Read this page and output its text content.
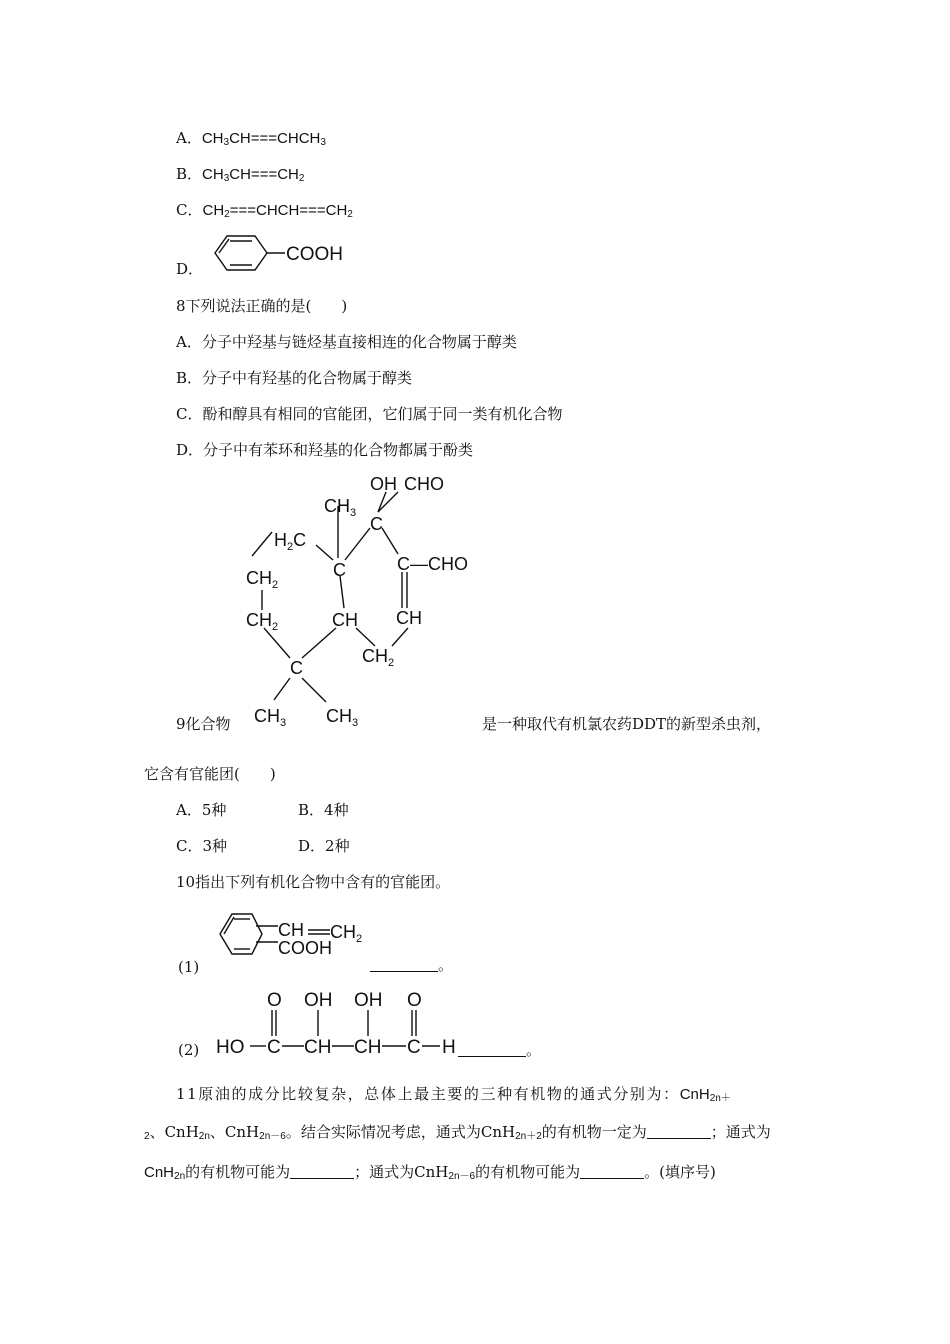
A．CH3CH===CHCH3
B．CH3CH===CH2
C．CH2===CHCH===CH2
D．
COOH
8下列说法正确的是(　　)
A．分子中羟基与链烃基直接相连的化合物属于醇类
B．分子中有羟基的化合物属于醇类
C．酚和醇具有相同的官能团，它们属于同一类有机化合物
D．分子中有苯环和羟基的化合物都属于酚类
OH CHO
$CH_3$
C
$H_2C$
C	C —CHO
$CH_2$
$CH_2$	CH CH
$CH_2$
C
$CH_3$ $CH_3$
9化合物	是一种取代有机氯农药DDT的新型杀虫剂，
它含有官能团(　　)
A．5种	B．4种
C．3种	D．2种
10指出下列有机化合物中含有的官能团。
CH $CH_2$
COOH
(1)	。
O OH OH O
HO C CH CH C H
(2)	。
11原油的成分比较复杂，总体上最主要的三种有机物的通式分别为：CnH2n＋
2、CnH2n、CnH2n－6。结合实际情况考虑，通式为CnH2n＋2的有机物一定为	；通式为
CnH2n的有机物可能为	；通式为CnH2n－6的有机物可能为	。(填序号)
